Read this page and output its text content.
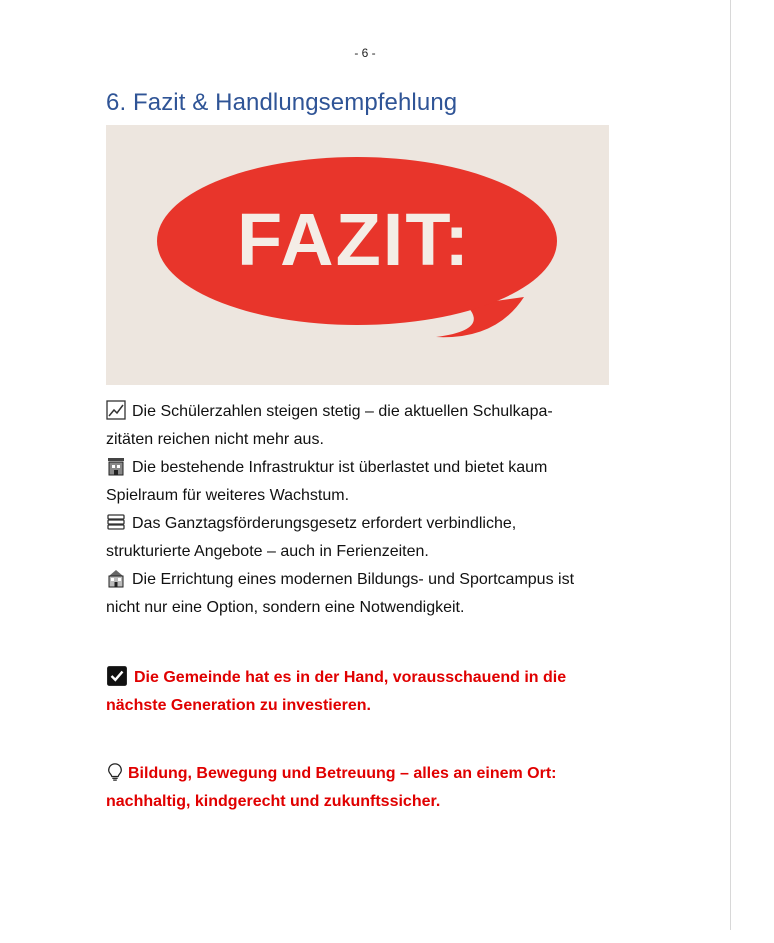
- 6 -
6. Fazit & Handlungsempfehlung
FAZIT:
Die Schülerzahlen steigen stetig – die aktuellen Schulkapa-
zitäten reichen nicht mehr aus.
Die bestehende Infrastruktur ist überlastet und bietet kaum
Spielraum für weiteres Wachstum.
Das Ganztagsförderungsgesetz erfordert verbindliche,
strukturierte Angebote – auch in Ferienzeiten.
Die Errichtung eines modernen Bildungs- und Sportcampus ist
nicht nur eine Option, sondern eine Notwendigkeit.
Die Gemeinde hat es in der Hand, vorausschauend in die
nächste Generation zu investieren.
Bildung, Bewegung und Betreuung – alles an einem Ort:
nachhaltig, kindgerecht und zukunftssicher.
